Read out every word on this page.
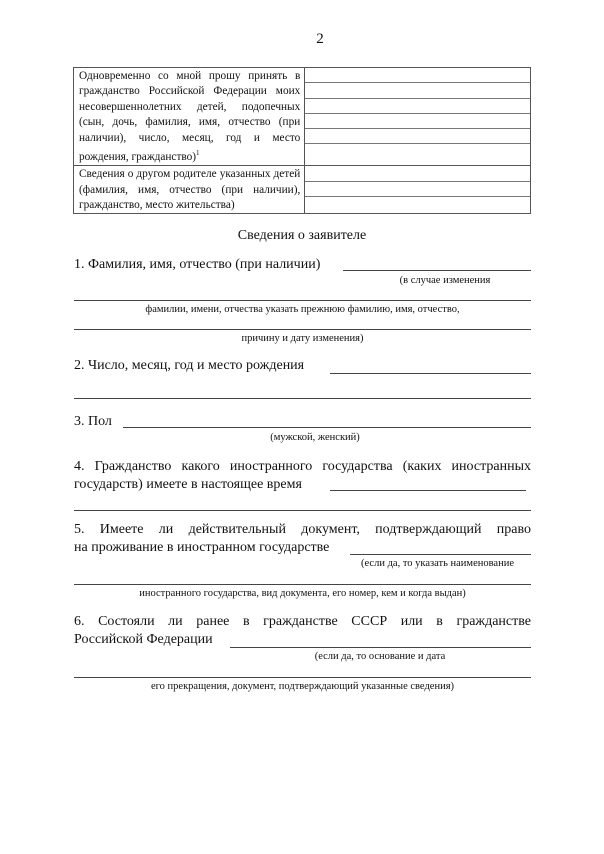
2
Одновременно со мной прошу принять в гражданство Российской Федерации моих несовершеннолетних детей, подопечных (сын, дочь, фамилия, имя, отчество (при наличии), число, месяц, год и место рождения, гражданство)$^1$	

Сведения о другом родителе указанных детей (фамилия, имя, отчество (при наличии), гражданство, место жительства)	
Сведения о заявителе
1. Фамилия, имя, отчество (при наличии)
(в случае изменения
фамилии, имени, отчества указать прежнюю фамилию, имя, отчество,
причину и дату изменения)
2. Число, месяц, год и место рождения
3. Пол
(мужской, женский)
4. Гражданство какого иностранного государства (каких иностранных
государств) имеете в настоящее время
5. Имеете ли действительный документ, подтверждающий право
на проживание в иностранном государстве
(если да, то указать наименование
иностранного государства, вид документа, его номер, кем и когда выдан)
6. Состояли ли ранее в гражданстве СССР или в гражданстве
Российской Федерации
(если да, то основание и дата
его прекращения, документ, подтверждающий указанные сведения)
